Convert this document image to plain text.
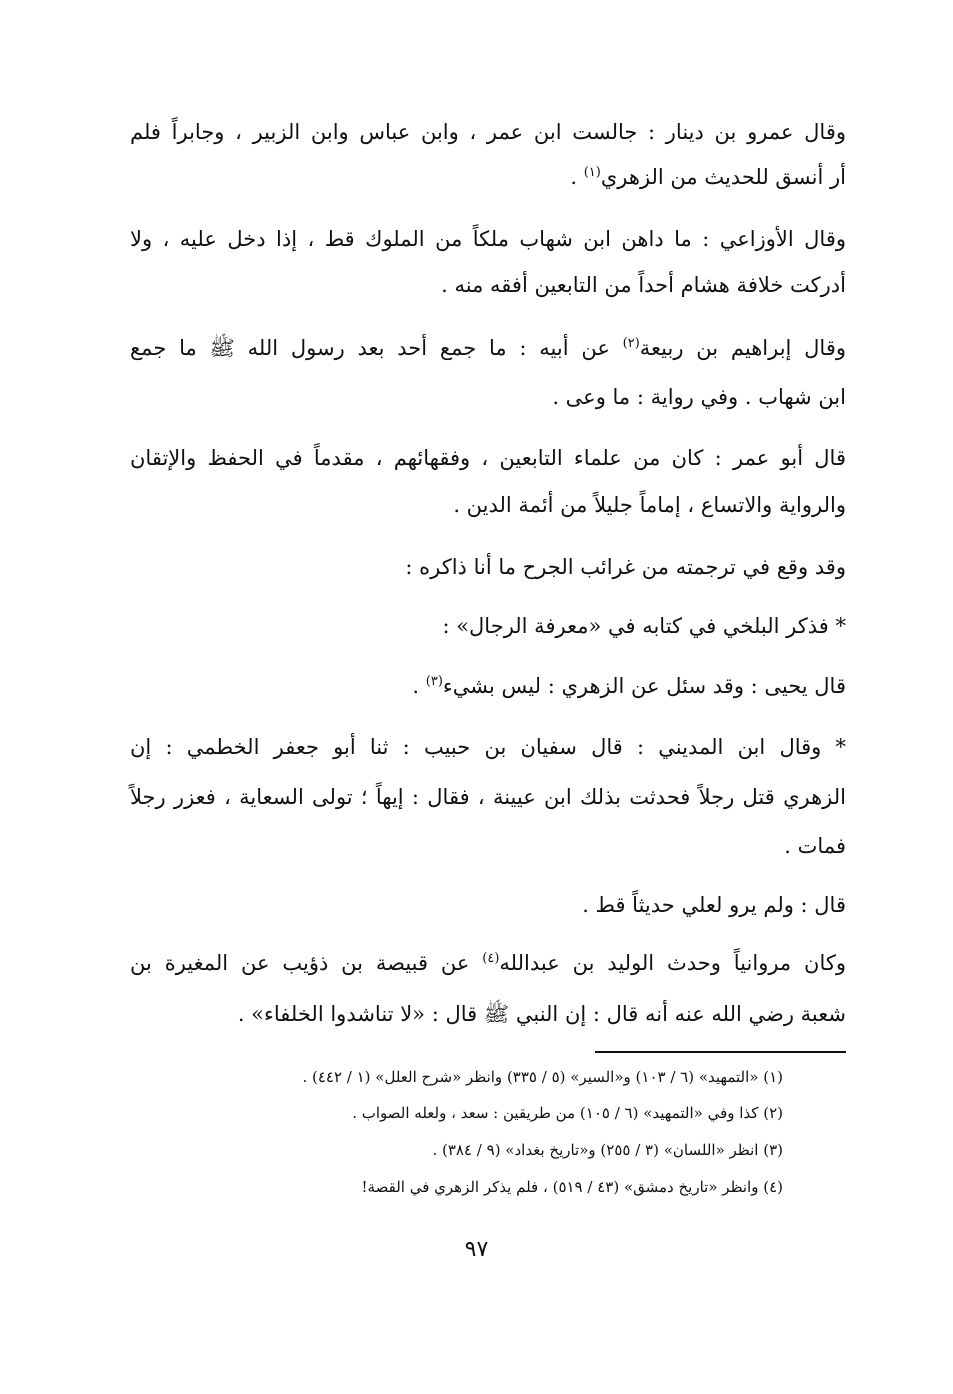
وقال عمرو بن دينار : جالست ابن عمر ، وابن عباس وابن الزبير ، وجابراً فلم
أر أنسق للحديث من الزهري$^{(١)}$ .
وقال الأوزاعي : ما داهن ابن شهاب ملكاً من الملوك قط ، إذا دخل عليه ، ولا
أدركت خلافة هشام أحداً من التابعين أفقه منه .
وقال إبراهيم بن ربيعة$^{(٢)}$ عن أبيه : ما جمع أحد بعد رسول الله ﷺ ما جمع
ابن شهاب . وفي رواية : ما وعى .
قال أبو عمر : كان من علماء التابعين ، وفقهائهم ، مقدماً في الحفظ والإتقان
والرواية والاتساع ، إماماً جليلاً من أئمة الدين .
وقد وقع في ترجمته من غرائب الجرح ما أنا ذاكره :
* فذكر البلخي في كتابه في «معرفة الرجال» :
قال يحيى : وقد سئل عن الزهري : ليس بشيء$^{(٣)}$ .
* وقال ابن المديني : قال سفيان بن حبيب : ثنا أبو جعفر الخطمي : إن
الزهري قتل رجلاً فحدثت بذلك ابن عيينة ، فقال : إيهاً ؛ تولى السعاية ، فعزر رجلاً
فمات .
قال : ولم يرو لعلي حديثاً قط .
وكان مروانياً وحدث الوليد بن عبدالله$^{(٤)}$ عن قبيصة بن ذؤيب عن المغيرة بن
شعبة رضي الله عنه أنه قال : إن النبي ﷺ قال : «لا تناشدوا الخلفاء» .
(١) «التمهيد» (٦ / ١٠٣) و«السير» (٥ / ٣٣٥) وانظر «شرح العلل» (١ / ٤٤٢) .
(٢) كذا وفي «التمهيد» (٦ / ١٠٥) من طريقين : سعد ، ولعله الصواب .
(٣) انظر «اللسان» (٣ / ٢٥٥) و«تاريخ بغداد» (٩ / ٣٨٤) .
(٤) وانظر «تاريخ دمشق» (٤٣ / ٥١٩) ، فلم يذكر الزهري في القصة!
٩٧
